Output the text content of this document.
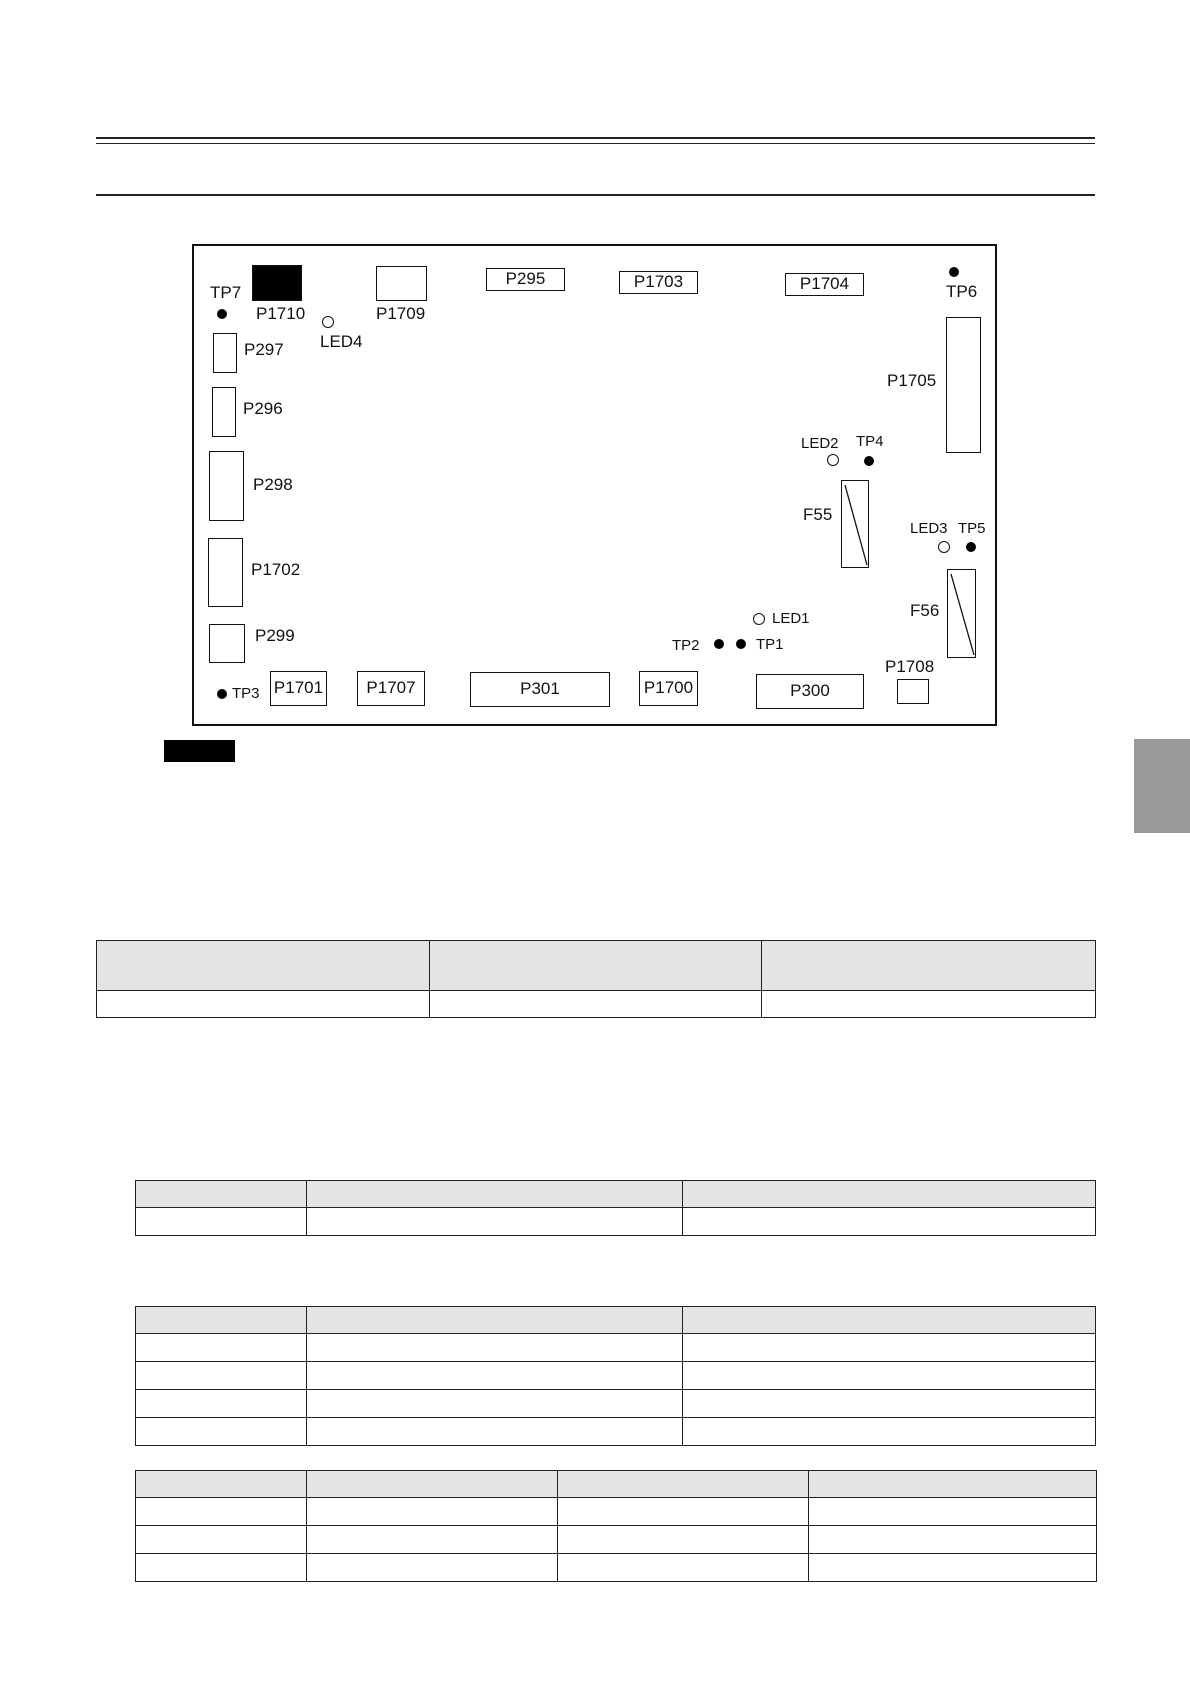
TP7
P1710
LED4
P1709
P295	P1703	P1704	TP6
P297
P296
P298
P1702
P299
P1705
LED2 TP4
F55
LED3 TP5
F56
LED1
TP2	TP1
P1708
TP3 P1701	P1707	P301	P1700	P300
